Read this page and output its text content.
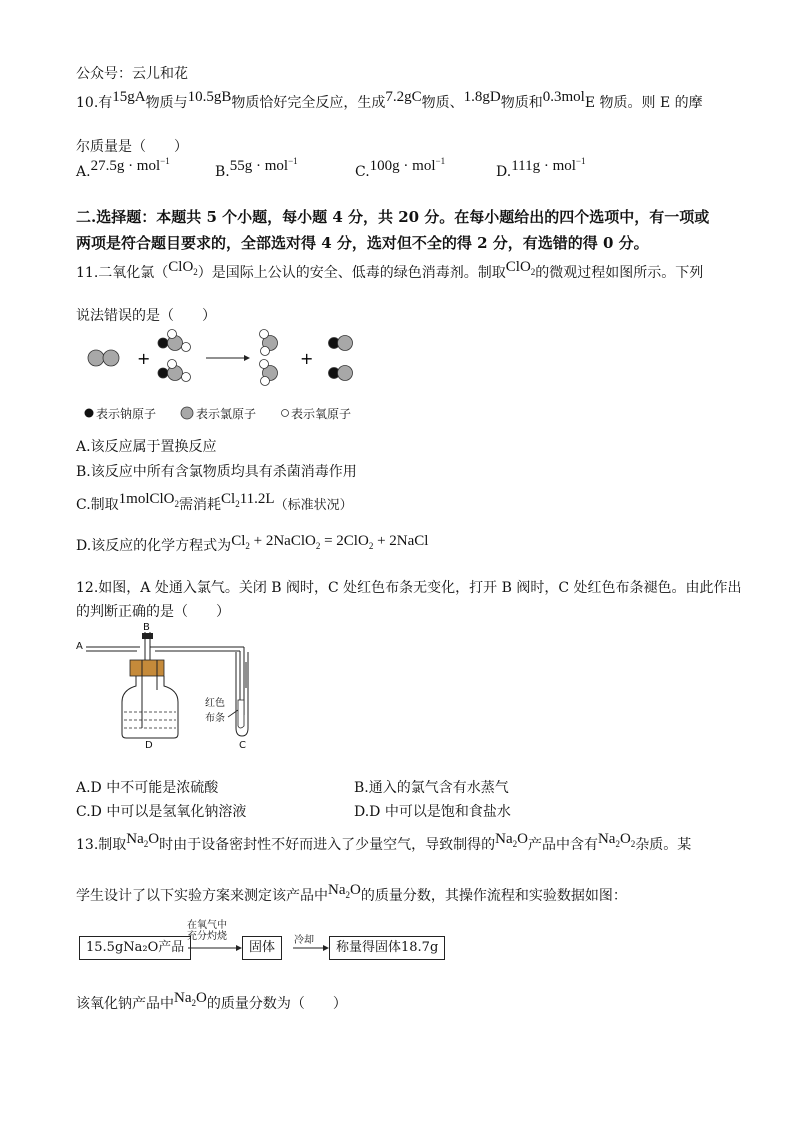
公众号：云儿和花
10.有15gA物质与10.5gB物质恰好完全反应，生成7.2gC物质、1.8gD物质和0.3molE 物质。则 E 的摩
尔质量是（　　）
A.27.5g · mol$^{-1}$
B.55g · mol$^{-1}$
C.100g · mol$^{-1}$
D.111g · mol$^{-1}$
二.选择题：本题共 5 个小题，每小题 4 分，共 20 分。在每小题给出的四个选项中，有一项或
两项是符合题目要求的，全部选对得 4 分，选对但不全的得 2 分，有选错的得 0 分。
11.二氧化氯（ClO$_2$）是国际上公认的安全、低毒的绿色消毒剂。制取ClO$_2$的微观过程如图所示。下列
说法错误的是（　　）
+	+
表示钠原子	表示氯原子	表示氧原子
A.该反应属于置换反应
B.该反应中所有含氯物质均具有杀菌消毒作用
C.制取1molClO$_2$需消耗$Cl_211.2L$（标准状况）
D.该反应的化学方程式为$Cl_2$ + 2NaClO$_2$ = 2ClO$_2$ + 2NaCl
12.如图，A 处通入氯气。关闭 B 阀时，C 处红色布条无变化，打开 B 阀时，C 处红色布条褪色。由此作出
的判断正确的是（　　）
A
B
D	C
红色
布条
A.D 中不可能是浓硫酸	B.通入的氯气含有水蒸气
C.D 中可以是氢氧化钠溶液	D.D 中可以是饱和食盐水
13.制取$Na_2O$时由于设备密封性不好而进入了少量空气，导致制得的$Na_2O$产品中含有$Na_2O_2$杂质。某
学生设计了以下实验方案来测定该产品中$Na_2O$的质量分数，其操作流程和实验数据如图：
15.5gNa₂O产品
在氧气中
充分灼烧
固体	冷却	称量得固体18.7g
该氧化钠产品中$Na_2O$的质量分数为（　　）
